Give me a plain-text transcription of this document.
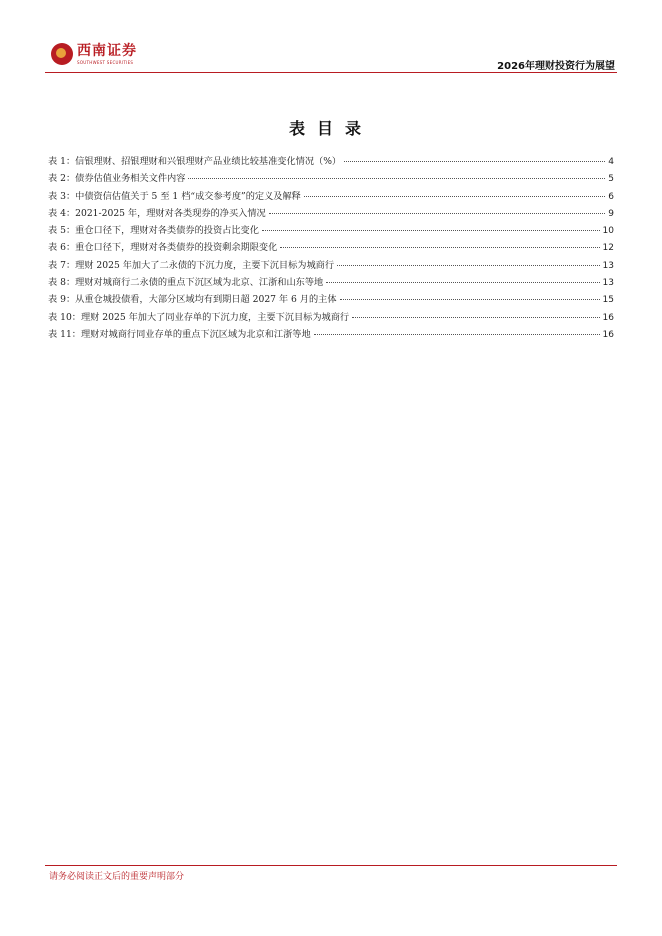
西南证券
SOUTHWEST SECURITIES	2026年理财投资行为展望
表目录
表 1：信银理财、招银理财和兴银理财产品业绩比较基准变化情况（%）	4
表 2：债券估值业务相关文件内容	5
表 3：中债资信估值关于 5 至 1 档“成交参考度”的定义及解释	6
表 4：2021-2025 年，理财对各类现券的净买入情况	9
表 5：重仓口径下，理财对各类债券的投资占比变化	10
表 6：重仓口径下，理财对各类债券的投资剩余期限变化	12
表 7：理财 2025 年加大了二永债的下沉力度，主要下沉目标为城商行	13
表 8：理财对城商行二永债的重点下沉区域为北京、江浙和山东等地	13
表 9：从重仓城投债看，大部分区域均有到期日超 2027 年 6 月的主体	15
表 10：理财 2025 年加大了同业存单的下沉力度，主要下沉目标为城商行	16
表 11：理财对城商行同业存单的重点下沉区域为北京和江浙等地	16
请务必阅读正文后的重要声明部分
